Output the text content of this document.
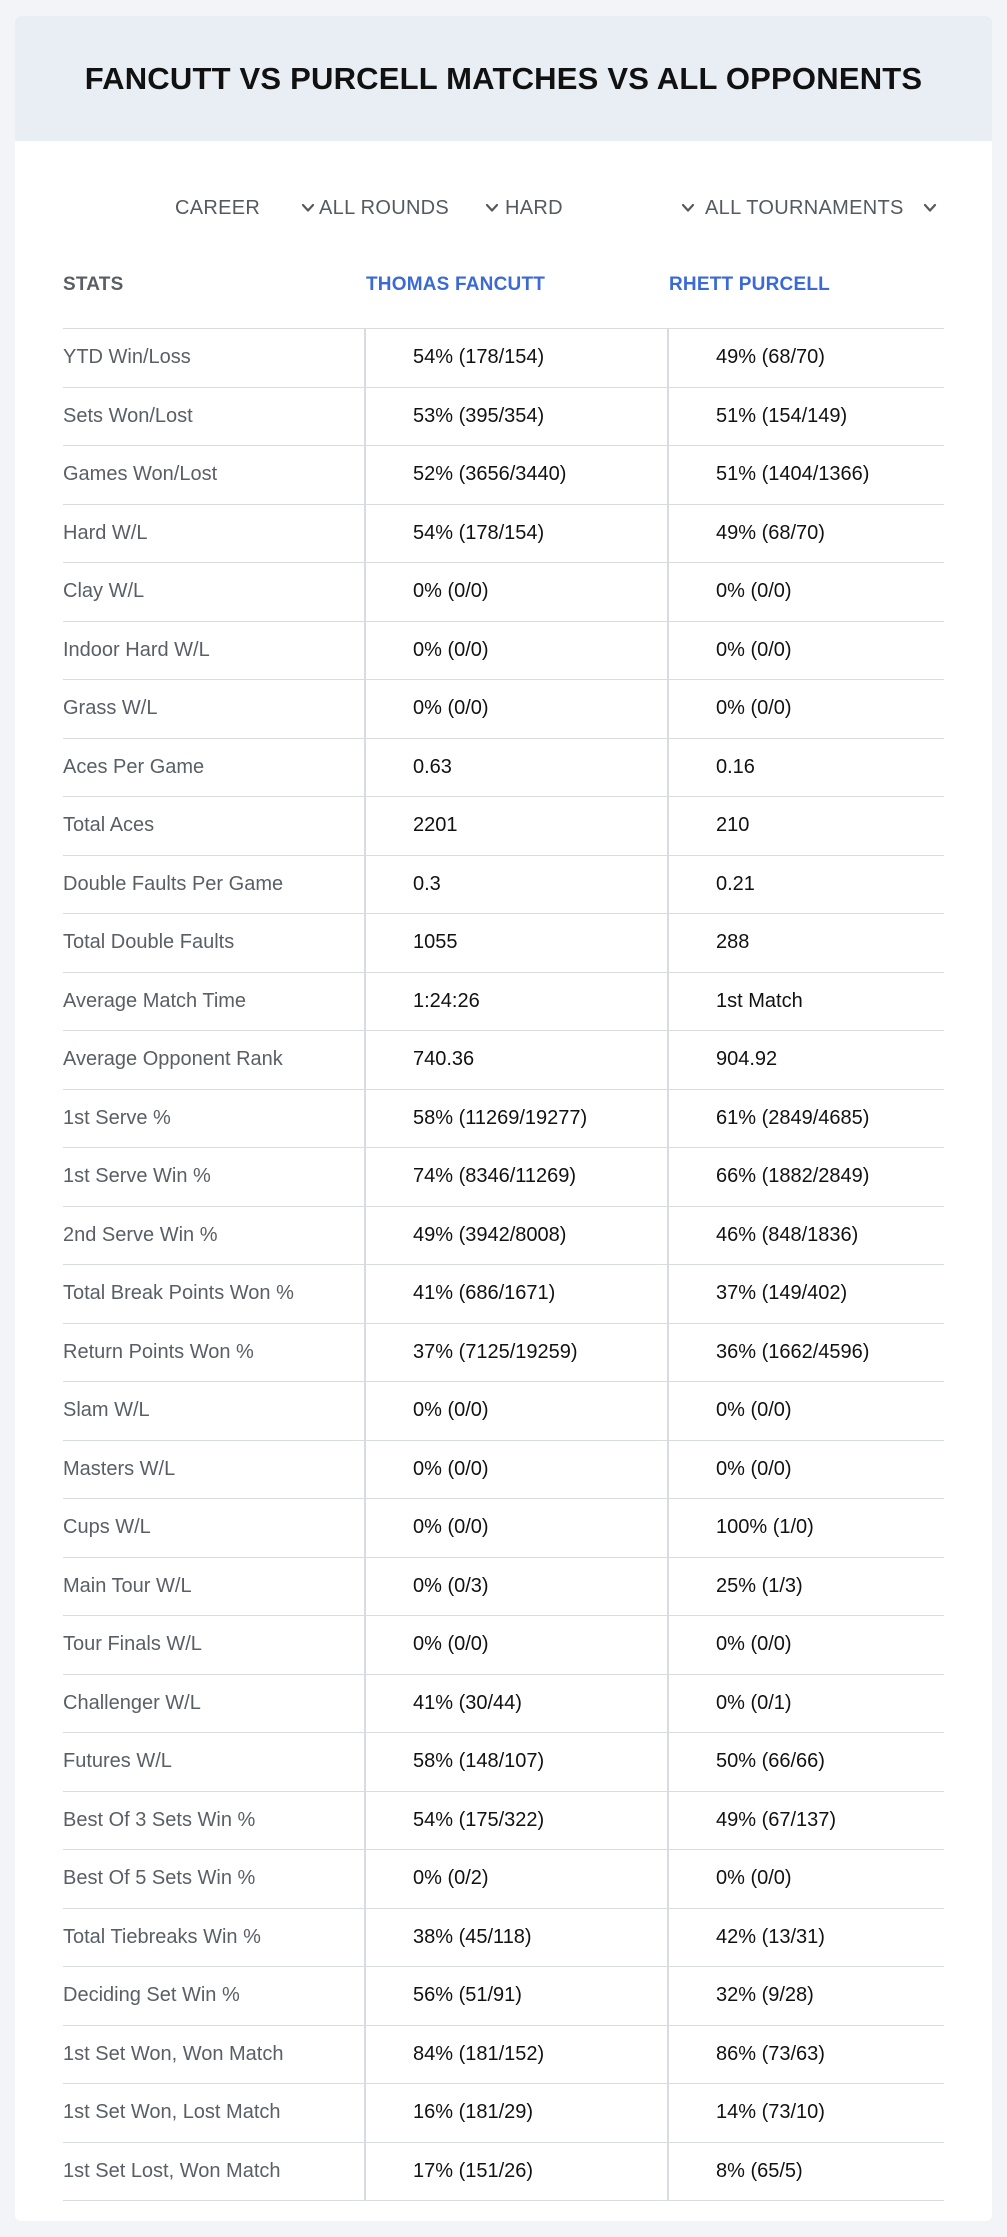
FANCUTT VS PURCELL MATCHES VS ALL OPPONENTS
CAREER	ALL ROUNDS	HARD	ALL TOURNAMENTS
STATS	THOMAS FANCUTT	RHETT PURCELL
YTD Win/Loss	54% (178/154)	49% (68/70)
Sets Won/Lost	53% (395/354)	51% (154/149)
Games Won/Lost	52% (3656/3440)	51% (1404/1366)
Hard W/L	54% (178/154)	49% (68/70)
Clay W/L	0% (0/0)	0% (0/0)
Indoor Hard W/L	0% (0/0)	0% (0/0)
Grass W/L	0% (0/0)	0% (0/0)
Aces Per Game	0.63	0.16
Total Aces	2201	210
Double Faults Per Game	0.3	0.21
Total Double Faults	1055	288
Average Match Time	1:24:26	1st Match
Average Opponent Rank	740.36	904.92
1st Serve %	58% (11269/19277)	61% (2849/4685)
1st Serve Win %	74% (8346/11269)	66% (1882/2849)
2nd Serve Win %	49% (3942/8008)	46% (848/1836)
Total Break Points Won %	41% (686/1671)	37% (149/402)
Return Points Won %	37% (7125/19259)	36% (1662/4596)
Slam W/L	0% (0/0)	0% (0/0)
Masters W/L	0% (0/0)	0% (0/0)
Cups W/L	0% (0/0)	100% (1/0)
Main Tour W/L	0% (0/3)	25% (1/3)
Tour Finals W/L	0% (0/0)	0% (0/0)
Challenger W/L	41% (30/44)	0% (0/1)
Futures W/L	58% (148/107)	50% (66/66)
Best Of 3 Sets Win %	54% (175/322)	49% (67/137)
Best Of 5 Sets Win %	0% (0/2)	0% (0/0)
Total Tiebreaks Win %	38% (45/118)	42% (13/31)
Deciding Set Win %	56% (51/91)	32% (9/28)
1st Set Won, Won Match	84% (181/152)	86% (73/63)
1st Set Won, Lost Match	16% (181/29)	14% (73/10)
1st Set Lost, Won Match	17% (151/26)	8% (65/5)
